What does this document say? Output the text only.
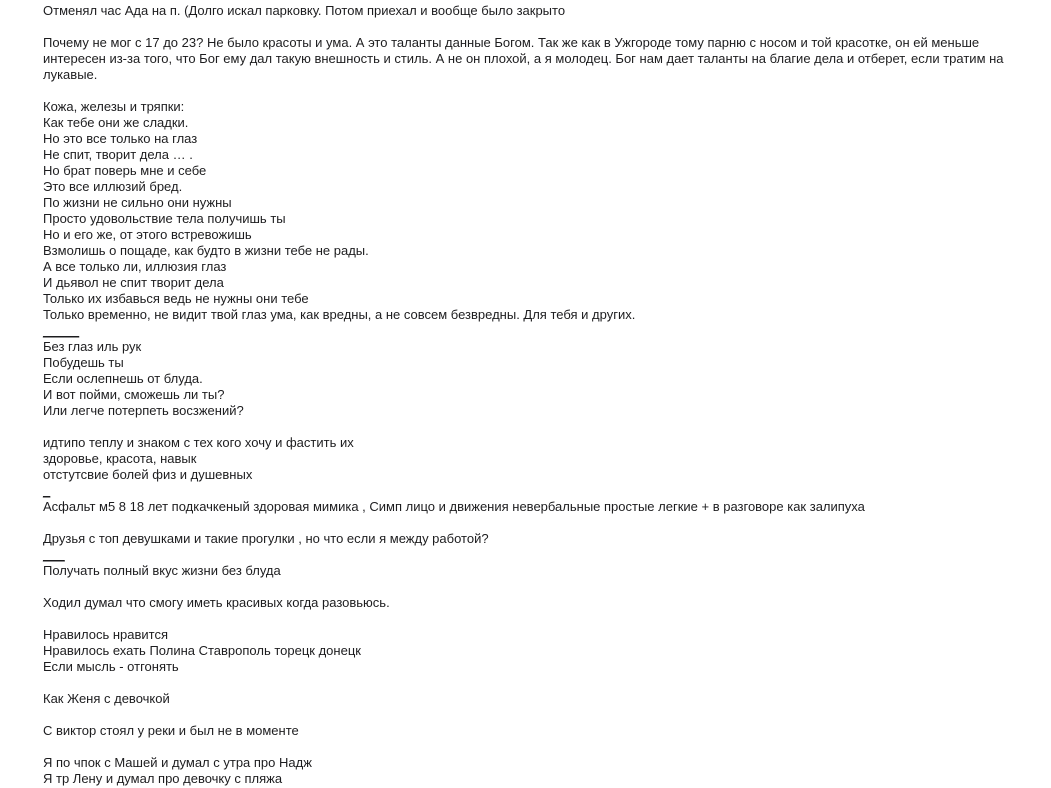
Отменял час Ада на п. (Долго искал парковку. Потом приехал и вообще было закрыто
Почему не мог с 17 до 23? Не было красоты и ума. А это таланты данные Богом. Так же как в Ужгороде тому парню с носом и той красотке, он ей меньше интересен из-за того, что Бог ему дал такую внешность и стиль. А не он плохой, а я молодец. Бог нам дает таланты на благие дела и отберет, если тратим на лукавые.
Кожа, железы и тряпки:
Как тебе они же сладки.
Но это все только на глаз
Не спит, творит дела … .
Но брат поверь мне и себе
Это все иллюзий бред.
По жизни не сильно они нужны
Просто удовольствие тела получишь ты
Но и его же, от этого встревожишь
Взмолишь о пощаде, как будто в жизни тебе не рады.
А все только ли, иллюзия глаз
И дьявол не спит творит дела
Только их избавься ведь не нужны они тебе
Только временно, не видит твой глаз ума, как вредны, а не совсем безвредны. Для тебя и других.
_____
Без глаз иль рук
Побудешь ты
Если ослепнешь от блуда.
И вот пойми, сможешь ли ты?
Или легче потерпеть восзжений?
идтипо теплу и знаком с тех кого хочу и фастить их
здоровье, красота, навык
отстутсвие болей физ и душевных
_
Асфальт м5 8 18 лет подкачкеный здоровая мимика , Симп лицо и движения невербальные простые легкие + в разговоре как залипуха
Друзья с топ девушками и такие прогулки , но что если я между работой?
___
Получать полный вкус жизни без блуда
Ходил думал что смогу иметь красивых когда разовьюсь.
Нравилось нравится
Нравилось ехать Полина Ставрополь торецк донецк
Если мысль - отгонять
Как Женя с девочкой
С виктор стоял у реки и был не в моменте
Я по чпок с Машей и думал с утра про Надж
Я тр Лену и думал про девочку с пляжа
